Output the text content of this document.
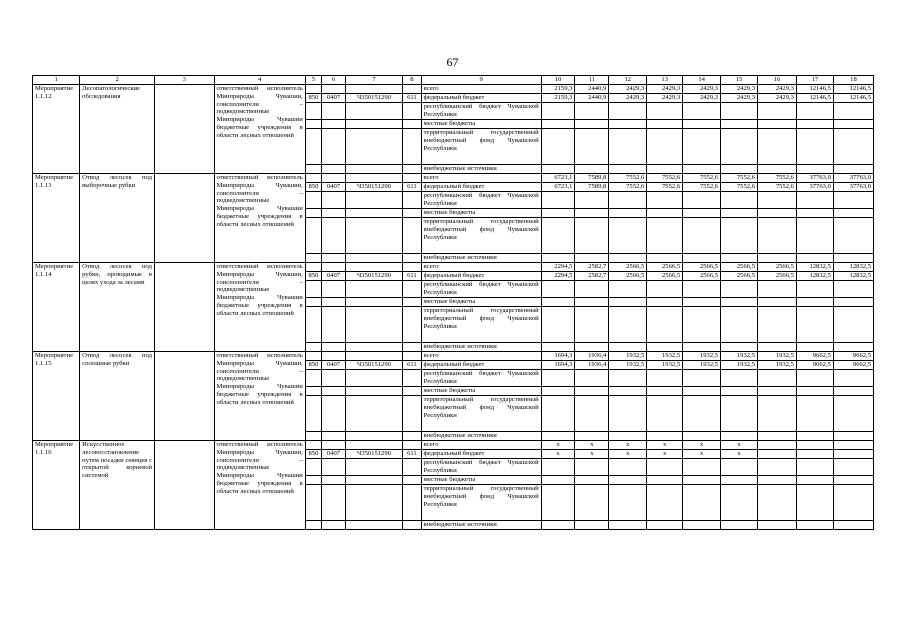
67
1	2	3	4	5	6	7	8	9	10	11	12	13	14	15	16	17	18
Мероприятие 1.1.12	Лесопатологические обследования		ответственный исполнитель Минприроды Чувашии, соисполнители – подведомственные Минприроды Чувашии бюджетные учреждения в области лесных отношений					всего	2159,3	2440,9	2429,3	2429,3	2429,3	2429,3	2429,3	12146,5	12146,5
				850	0407	Ч350151290	611	федеральный бюджет	2159,3	2440,9	2429,3	2429,3	2429,3	2429,3	2429,3	12146,5	12146,5
								республиканский бюджет Чувашской Республики									
								местные бюджеты									
								территориальный государственный внебюджетный фонд Чувашской Республики									
								внебюджетные источники									
Мероприятие 1.1.13	Отвод лесосек под выборочные рубки		ответственный исполнитель Минприроды Чувашии, соисполнители – подведомственные Минприроды Чувашии бюджетные учреждения в области лесных отношений					всего	6723,1	7589,8	7552,6	7552,6	7552,6	7552,6	7552,6	37763,0	37763,0
				850	0407	Ч350151290	611	федеральный бюджет	6723,1	7589,8	7552,6	7552,6	7552,6	7552,6	7552,6	37763,0	37763,0
								республиканский бюджет Чувашской Республики									
								местные бюджеты									
								территориальный государственный внебюджетный фонд Чувашской Республики									
								внебюджетные источники									
Мероприятие 1.1.14	Отвод лесосек под рубки, проводимые в целях ухода за лесами		ответственный исполнитель Минприроды Чувашии, соисполнители – подведомственные Минприроды Чувашии бюджетные учреждения в области лесных отношений					всего	2294,5	2582,7	2566,5	2566,5	2566,5	2566,5	2566,5	12832,5	12832,5
				850	0407	Ч350151290	611	федеральный бюджет	2294,5	2582,7	2566,5	2566,5	2566,5	2566,5	2566,5	12832,5	12832,5
								республиканский бюджет Чувашской Республики									
								местные бюджеты									
								территориальный государственный внебюджетный фонд Чувашской Республики									
								внебюджетные источники									
Мероприятие 1.1.15	Отвод лесосек под сплошные рубки		ответственный исполнитель Минприроды Чувашии, соисполнители – подведомственные Минприроды Чувашии бюджетные учреждения в области лесных отношений					всего	1694,3	1936,4	1932,5	1932,5	1932,5	1932,5	1932,5	9662,5	9662,5
				850	0407	Ч350151290	611	федеральный бюджет	1694,3	1936,4	1932,5	1932,5	1932,5	1932,5	1932,5	9662,5	9662,5
								республиканский бюджет Чувашской Республики									
								местные бюджеты									
								территориальный государственный внебюджетный фонд Чувашской Республики									
								внебюджетные источники									
Мероприятие 1.1.16	Искусственное лесовосстановление путем посадки сеянцев с открытой корневой системой		ответственный исполнитель Минприроды Чувашии, соисполнители – подведомственные Минприроды Чувашии бюджетные учреждения в области лесных отношений					всего	х	х	х	х	х	х			
				850	0407	Ч350151290	611	федеральный бюджет	х	х	х	х	х	х			
								республиканский бюджет Чувашской Республики									
								местные бюджеты									
								территориальный государственный внебюджетный фонд Чувашской Республики									
								внебюджетные источники									
